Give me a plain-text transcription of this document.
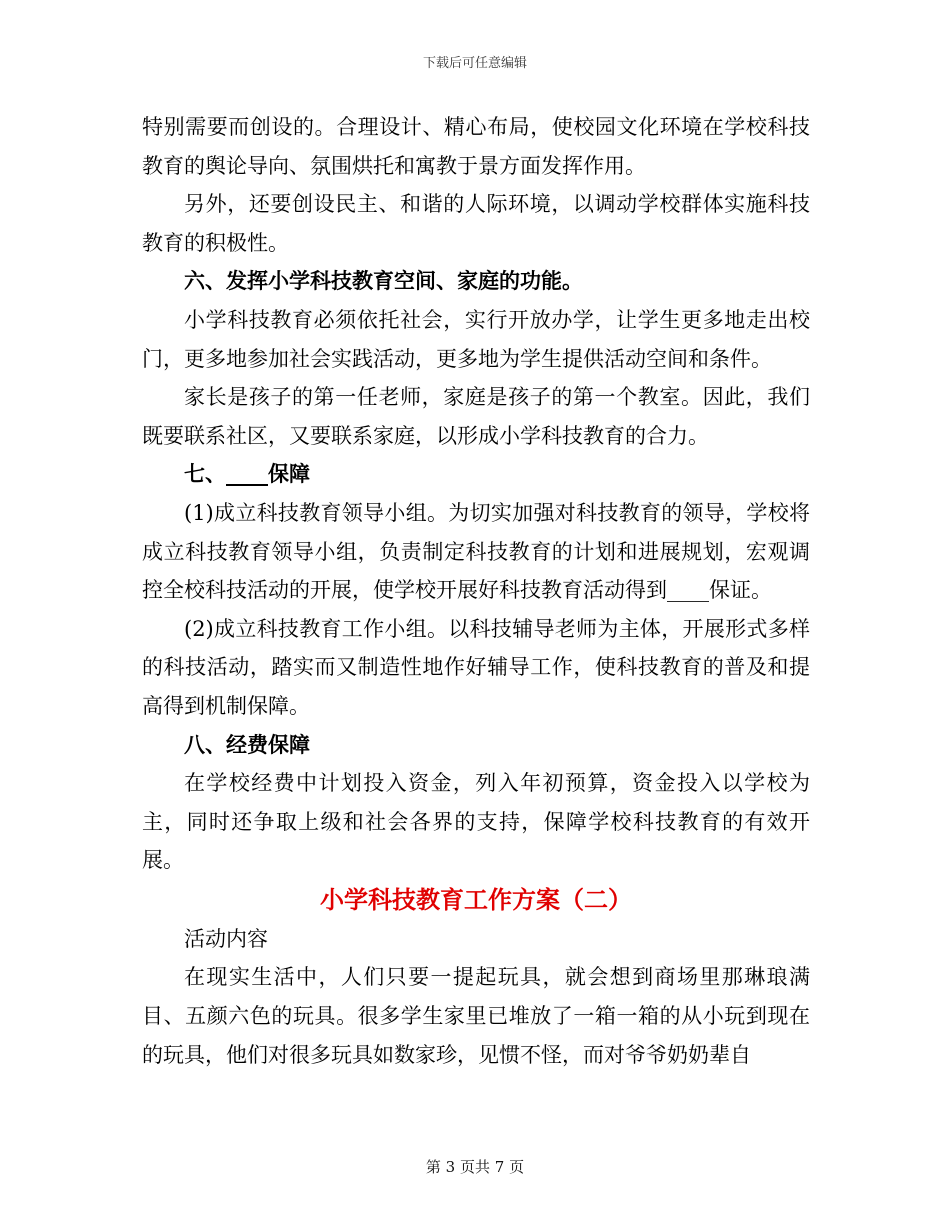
下载后可任意编辑

特别需要而创设的。合理设计、精心布局，使校园文化环境在学校科技教育的舆论导向、氛围烘托和寓教于景方面发挥作用。

另外，还要创设民主、和谐的人际环境，以调动学校群体实施科技教育的积极性。

六、发挥小学科技教育空间、家庭的功能。

小学科技教育必须依托社会，实行开放办学，让学生更多地走出校门，更多地参加社会实践活动，更多地为学生提供活动空间和条件。

家长是孩子的第一任老师，家庭是孩子的第一个教室。因此，我们既要联系社区，又要联系家庭，以形成小学科技教育的合力。

七、____保障

(1)成立科技教育领导小组。为切实加强对科技教育的领导，学校将成立科技教育领导小组，负责制定科技教育的计划和进展规划，宏观调控全校科技活动的开展，使学校开展好科技教育活动得到____保证。

(2)成立科技教育工作小组。以科技辅导老师为主体，开展形式多样的科技活动，踏实而又制造性地作好辅导工作，使科技教育的普及和提高得到机制保障。

八、经费保障

在学校经费中计划投入资金，列入年初预算，资金投入以学校为主，同时还争取上级和社会各界的支持，保障学校科技教育的有效开展。

小学科技教育工作方案（二）

活动内容

在现实生活中，人们只要一提起玩具，就会想到商场里那琳琅满目、五颜六色的玩具。很多学生家里已堆放了一箱一箱的从小玩到现在的玩具，他们对很多玩具如数家珍，见惯不怪，而对爷爷奶奶辈自

第 3 页共 7 页
